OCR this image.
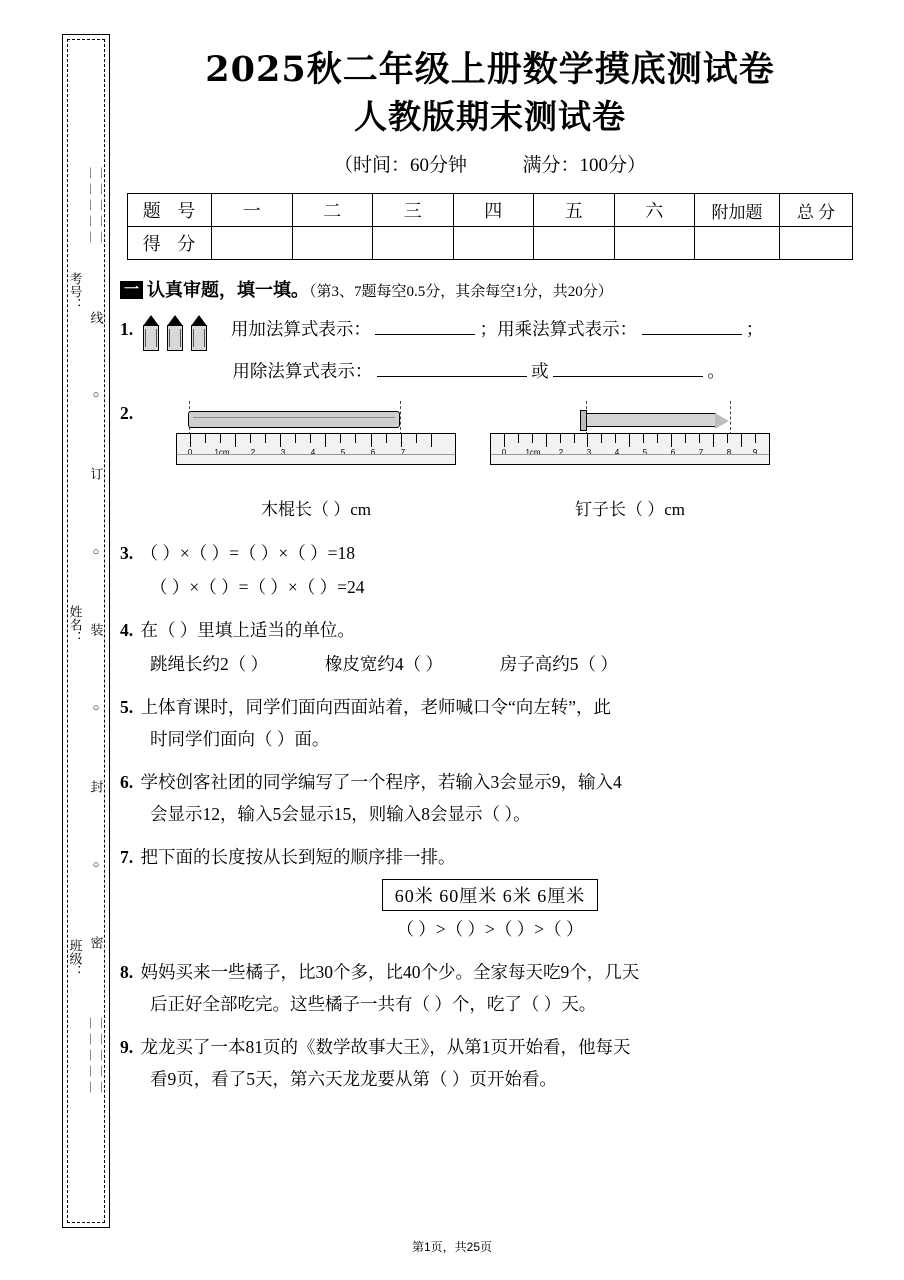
考号：
姓名：
班级：
｜｜｜｜｜｜｜｜｜｜
线
○
订
○
装
○
封
○
密
｜｜｜｜｜｜｜｜｜｜
2025秋二年级上册数学摸底测试卷
人教版期末测试卷
（时间：60分钟	满分：100分）
题 号	一	二	三	四	五	六	附加题	总 分
得 分								
一 认真审题，填一填。（第3、7题每空0.5分，其余每空1分，共20分）
1.	用加法算式表示：	；用乘法算式表示：	；
用除法算式表示：	或	。
2.
0	1cm	2	3	4	5	6	7
木棍长（ ）cm
0 1cm 2	3	4	5	6	7	8	9
钉子长（ ）cm
3. （ ）×（ ）=（ ）×（ ）=18
（ ）×（ ）=（ ）×（ ）=24
4. 在（ ）里填上适当的单位。
跳绳长约2（ ）	橡皮宽约4（ ）	房子高约5（ ）
5. 上体育课时，同学们面向西面站着，老师喊口令“向左转”，此
时同学们面向（ ）面。
6. 学校创客社团的同学编写了一个程序，若输入3会显示9，输入4
会显示12，输入5会显示15，则输入8会显示（ ）。
7. 把下面的长度按从长到短的顺序排一排。
60米 60厘米 6米 6厘米
（ ）>（ ）>（ ）>（ ）
8. 妈妈买来一些橘子，比30个多，比40个少。全家每天吃9个，几天
后正好全部吃完。这些橘子一共有（ ）个，吃了（ ）天。
9. 龙龙买了一本81页的《数学故事大王》，从第1页开始看，他每天
看9页，看了5天，第六天龙龙要从第（ ）页开始看。
第1页，共25页
